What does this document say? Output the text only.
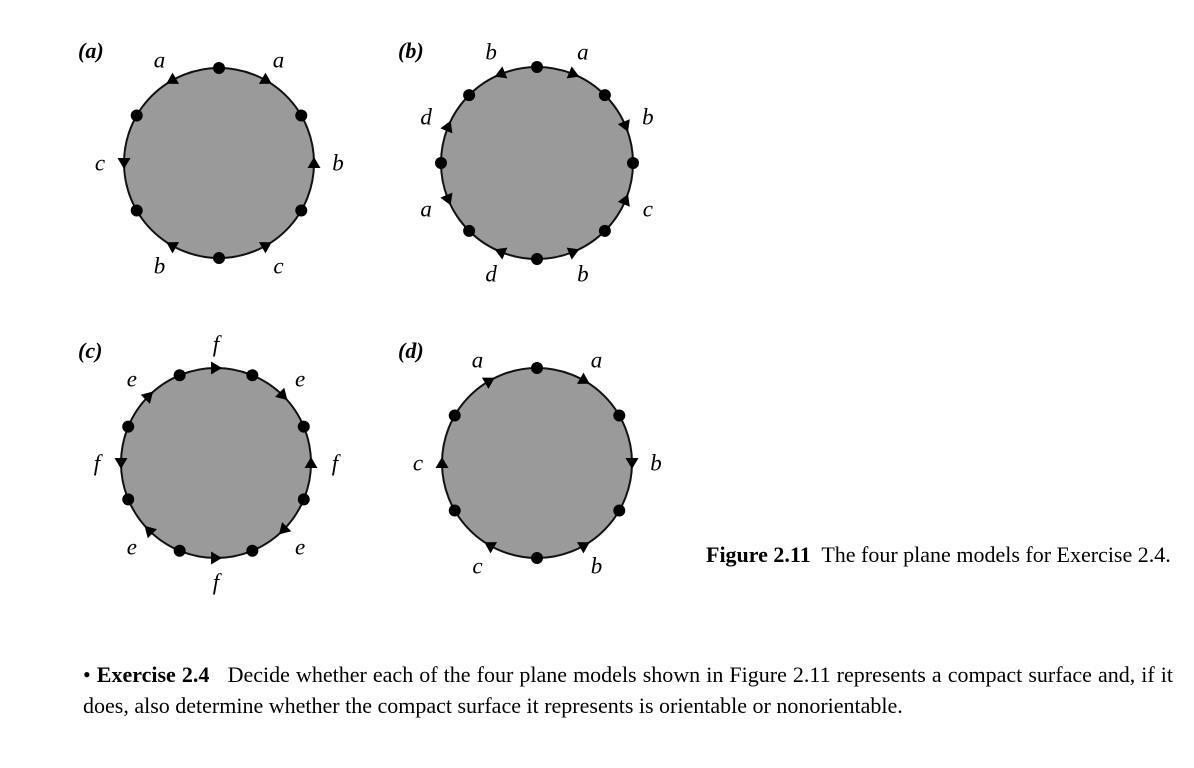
(a) a	a
b
c
b
c
(b)	a
b
c
b
d
a
d
b
(c)	f
e
f
e
f
e
f
e
(d)	a
b
b
c
c
a
Figure 2.11 The four plane models for Exercise 2.4.
• Exercise 2.4 Decide whether each of the four plane models shown in Figure 2.11 represents a compact surface and, if it does, also determine whether the compact surface it represents is orientable or nonorientable.
